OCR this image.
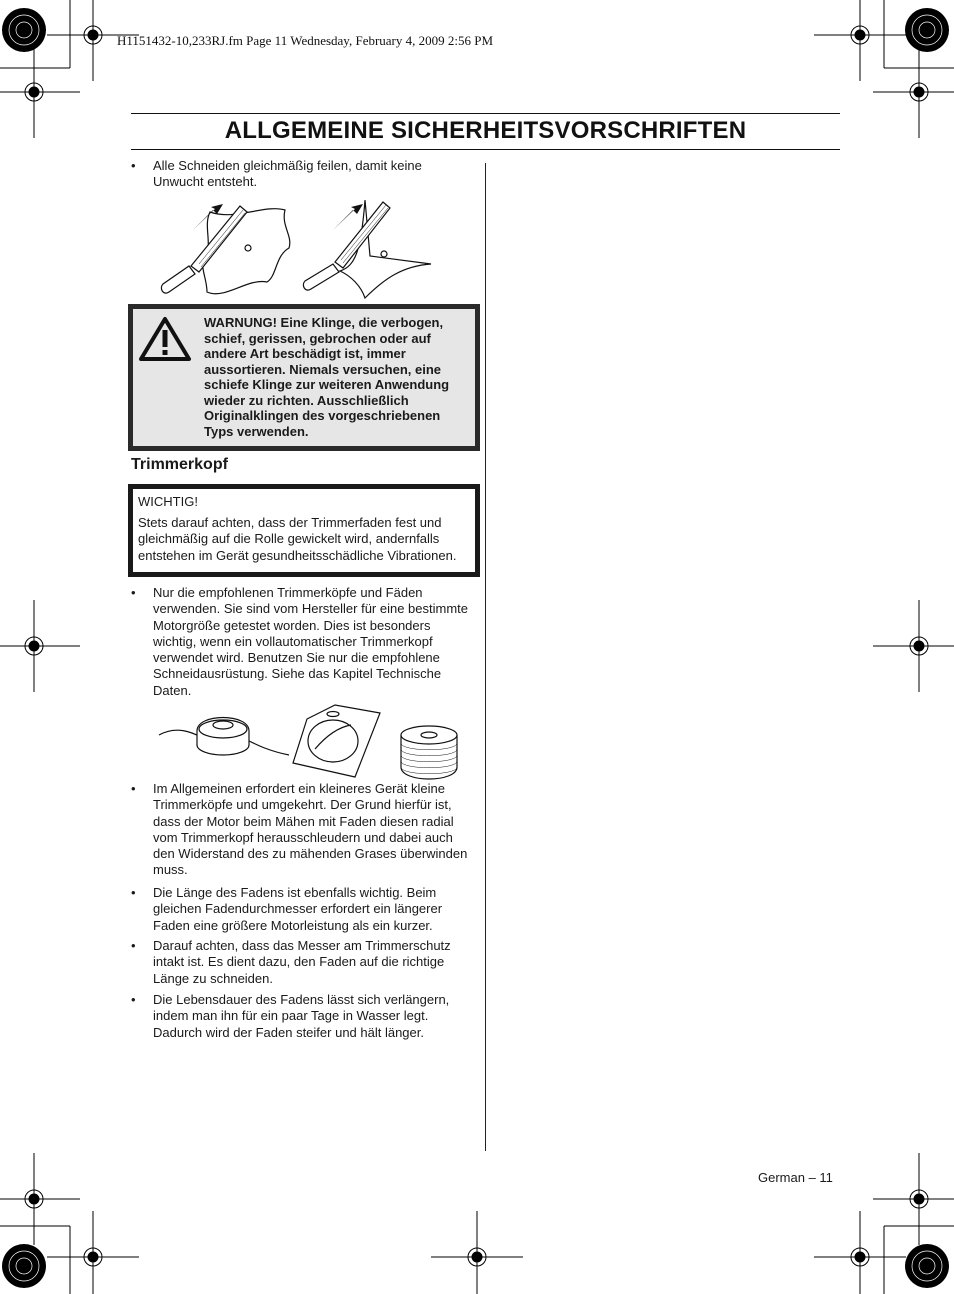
H1151432-10,233RJ.fm Page 11 Wednesday, February 4, 2009 2:56 PM
ALLGEMEINE SICHERHEITSVORSCHRIFTEN
• Alle Schneiden gleichmäßig feilen, damit keine Unwucht entsteht.
WARNUNG! Eine Klinge, die verbogen, schief, gerissen, gebrochen oder auf andere Art beschädigt ist, immer aussortieren. Niemals versuchen, eine schiefe Klinge zur weiteren Anwendung wieder zu richten. Ausschließlich Originalklingen des vorgeschriebenen Typs verwenden.
Trimmerkopf
WICHTIG!
Stets darauf achten, dass der Trimmerfaden fest und gleichmäßig auf die Rolle gewickelt wird, andernfalls entstehen im Gerät gesundheitsschädliche Vibrationen.
• Nur die empfohlenen Trimmerköpfe und Fäden verwenden. Sie sind vom Hersteller für eine bestimmte Motorgröße getestet worden. Dies ist besonders wichtig, wenn ein vollautomatischer Trimmerkopf verwendet wird. Benutzen Sie nur die empfohlene Schneidausrüstung. Siehe das Kapitel Technische Daten.
• Im Allgemeinen erfordert ein kleineres Gerät kleine Trimmerköpfe und umgekehrt. Der Grund hierfür ist, dass der Motor beim Mähen mit Faden diesen radial vom Trimmerkopf herausschleudern und dabei auch den Widerstand des zu mähenden Grases überwinden muss.
• Die Länge des Fadens ist ebenfalls wichtig. Beim gleichen Fadendurchmesser erfordert ein längerer Faden eine größere Motorleistung als ein kurzer.
• Darauf achten, dass das Messer am Trimmerschutz intakt ist. Es dient dazu, den Faden auf die richtige Länge zu schneiden.
• Die Lebensdauer des Fadens lässt sich verlängern, indem man ihn für ein paar Tage in Wasser legt. Dadurch wird der Faden steifer und hält länger.
German – 11
